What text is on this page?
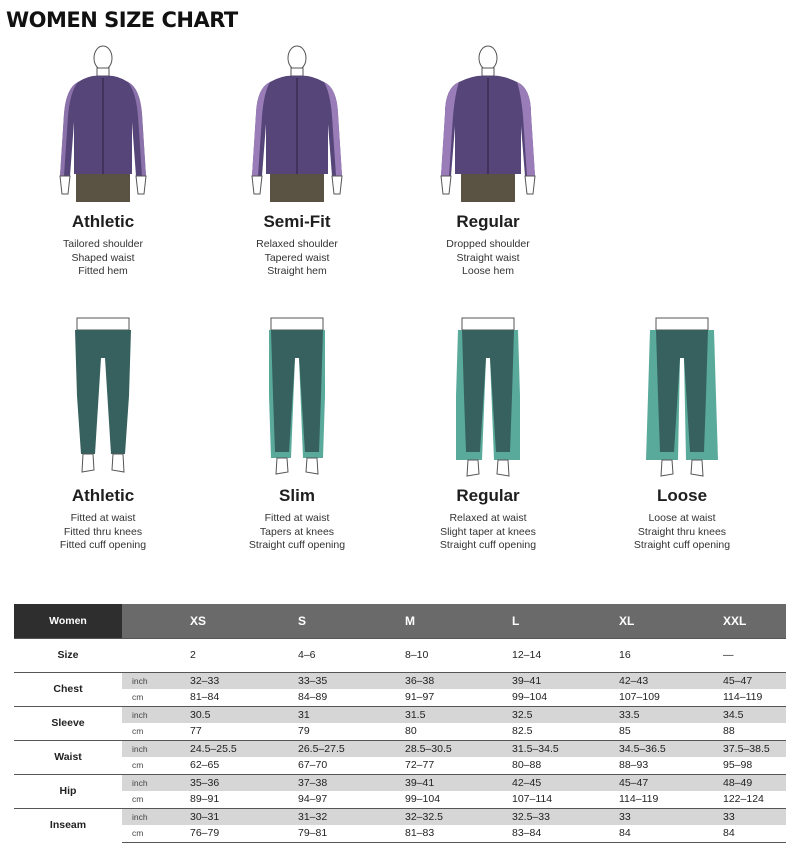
WOMEN SIZE CHART
Athletic
Tailored shoulder
Shaped waist
Fitted hem
Semi-Fit
Relaxed shoulder
Tapered waist
Straight hem
Regular
Dropped shoulder
Straight waist
Loose hem
Athletic
Fitted at waist
Fitted thru knees
Fitted cuff opening
Slim
Fitted at waist
Tapers at knees
Straight cuff opening
Regular
Relaxed at waist
Slight taper at knees
Straight cuff opening
Loose
Loose at waist
Straight thru knees
Straight cuff opening
Women		XS	S	M	L	XL	XXL
Size		2	4–6	8–10	12–14	16	—
Chest	inch	32–33	33–35	36–38	39–41	42–43	45–47
	cm	81–84	84–89	91–97	99–104	107–109	114–119
Sleeve	inch	30.5	31	31.5	32.5	33.5	34.5
	cm	77	79	80	82.5	85	88
Waist	inch	24.5–25.5	26.5–27.5	28.5–30.5	31.5–34.5	34.5–36.5	37.5–38.5
	cm	62–65	67–70	72–77	80–88	88–93	95–98
Hip	inch	35–36	37–38	39–41	42–45	45–47	48–49
	cm	89–91	94–97	99–104	107–114	114–119	122–124
Inseam	inch	30–31	31–32	32–32.5	32.5–33	33	33
	cm	76–79	79–81	81–83	83–84	84	84
